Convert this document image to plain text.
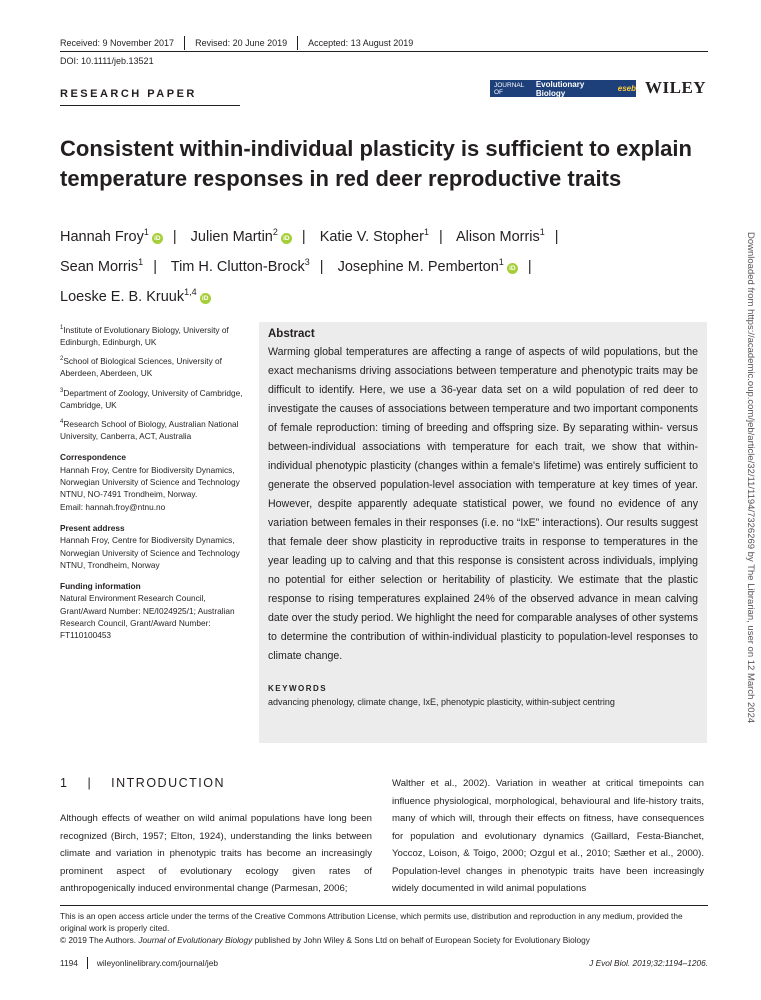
Received: 9 November 2017 Revised: 20 June 2019 Accepted: 13 August 2019
DOI: 10.1111/jeb.13521
RESEARCH PAPER
JOURNAL OF
Evolutionary Biology	eseb WILEY
Consistent within-individual plasticity is sufficient to explain temperature responses in red deer reproductive traits
Hannah Froy$^1$iD | Julien Martin$^2$iD | Katie V. Stopher$^1$ | Alison Morris$^1$ |
Sean Morris$^1$ | Tim H. Clutton-Brock$^3$ | Josephine M. Pemberton$^1$iD |
Loeske E. B. Kruuk$^{1,4}$iD
$^1$Institute of Evolutionary Biology, University of Edinburgh, Edinburgh, UK
$^2$School of Biological Sciences, University of Aberdeen, Aberdeen, UK
$^3$Department of Zoology, University of Cambridge, Cambridge, UK
$^4$Research School of Biology, Australian National University, Canberra, ACT, Australia
Correspondence
Hannah Froy, Centre for Biodiversity Dynamics, Norwegian University of Science and Technology NTNU, NO-7491 Trondheim, Norway.
Email: hannah.froy@ntnu.no
Present address
Hannah Froy, Centre for Biodiversity Dynamics, Norwegian University of Science and Technology NTNU, Trondheim, Norway
Funding information
Natural Environment Research Council, Grant/Award Number: NE/I024925/1; Australian Research Council, Grant/Award Number: FT110100453
Abstract
Warming global temperatures are affecting a range of aspects of wild populations, but the exact mechanisms driving associations between temperature and phenotypic traits may be difficult to identify. Here, we use a 36-year data set on a wild population of red deer to investigate the causes of associations between temperature and two important components of female reproduction: timing of breeding and offspring size. By separating within- versus between-individual associations with temperature for each trait, we show that within-individual phenotypic plasticity (changes within a female's lifetime) was entirely sufficient to generate the observed population-level association with temperature at key times of year. However, despite apparently adequate statistical power, we found no evidence of any variation between females in their responses (i.e. no “IxE” interactions). Our results suggest that female deer show plasticity in reproductive traits in response to temperatures in the year leading up to calving and that this response is consistent across individuals, implying no potential for either selection or heritability of plasticity. We estimate that the plastic response to rising temperatures explained 24% of the observed advance in mean calving date over the study period. We highlight the need for comparable analyses of other systems to determine the contribution of within-individual plasticity to population-level responses to climate change.
KEYWORDS
advancing phenology, climate change, IxE, phenotypic plasticity, within-subject centring	Downloaded from https://academic.oup.com/jeb/article/32/11/1194/7326269 by The Librarian, user on 12 March 2024
1 | INTRODUCTION
Although effects of weather on wild animal populations have long been recognized (Birch, 1957; Elton, 1924), understanding the links between climate and variation in phenotypic traits has become an increasingly prominent aspect of evolutionary ecology given rates of anthropogenically induced environmental change (Parmesan, 2006;
Walther et al., 2002). Variation in weather at critical timepoints can influence physiological, morphological, behavioural and life-history traits, many of which will, through their effects on fitness, have consequences for population and evolutionary dynamics (Gaillard, Festa-Bianchet, Yoccoz, Loison, & Toigo, 2000; Ozgul et al., 2010; Sæther et al., 2000). Population-level changes in phenotypic traits have been increasingly widely documented in wild animal populations
This is an open access article under the terms of the Creative Commons Attribution License, which permits use, distribution and reproduction in any medium, provided the original work is properly cited.
© 2019 The Authors. Journal of Evolutionary Biology published by John Wiley & Sons Ltd on behalf of European Society for Evolutionary Biology
1194 wileyonlinelibrary.com/journal/jeb	J Evol Biol. 2019;32:1194–1206.
